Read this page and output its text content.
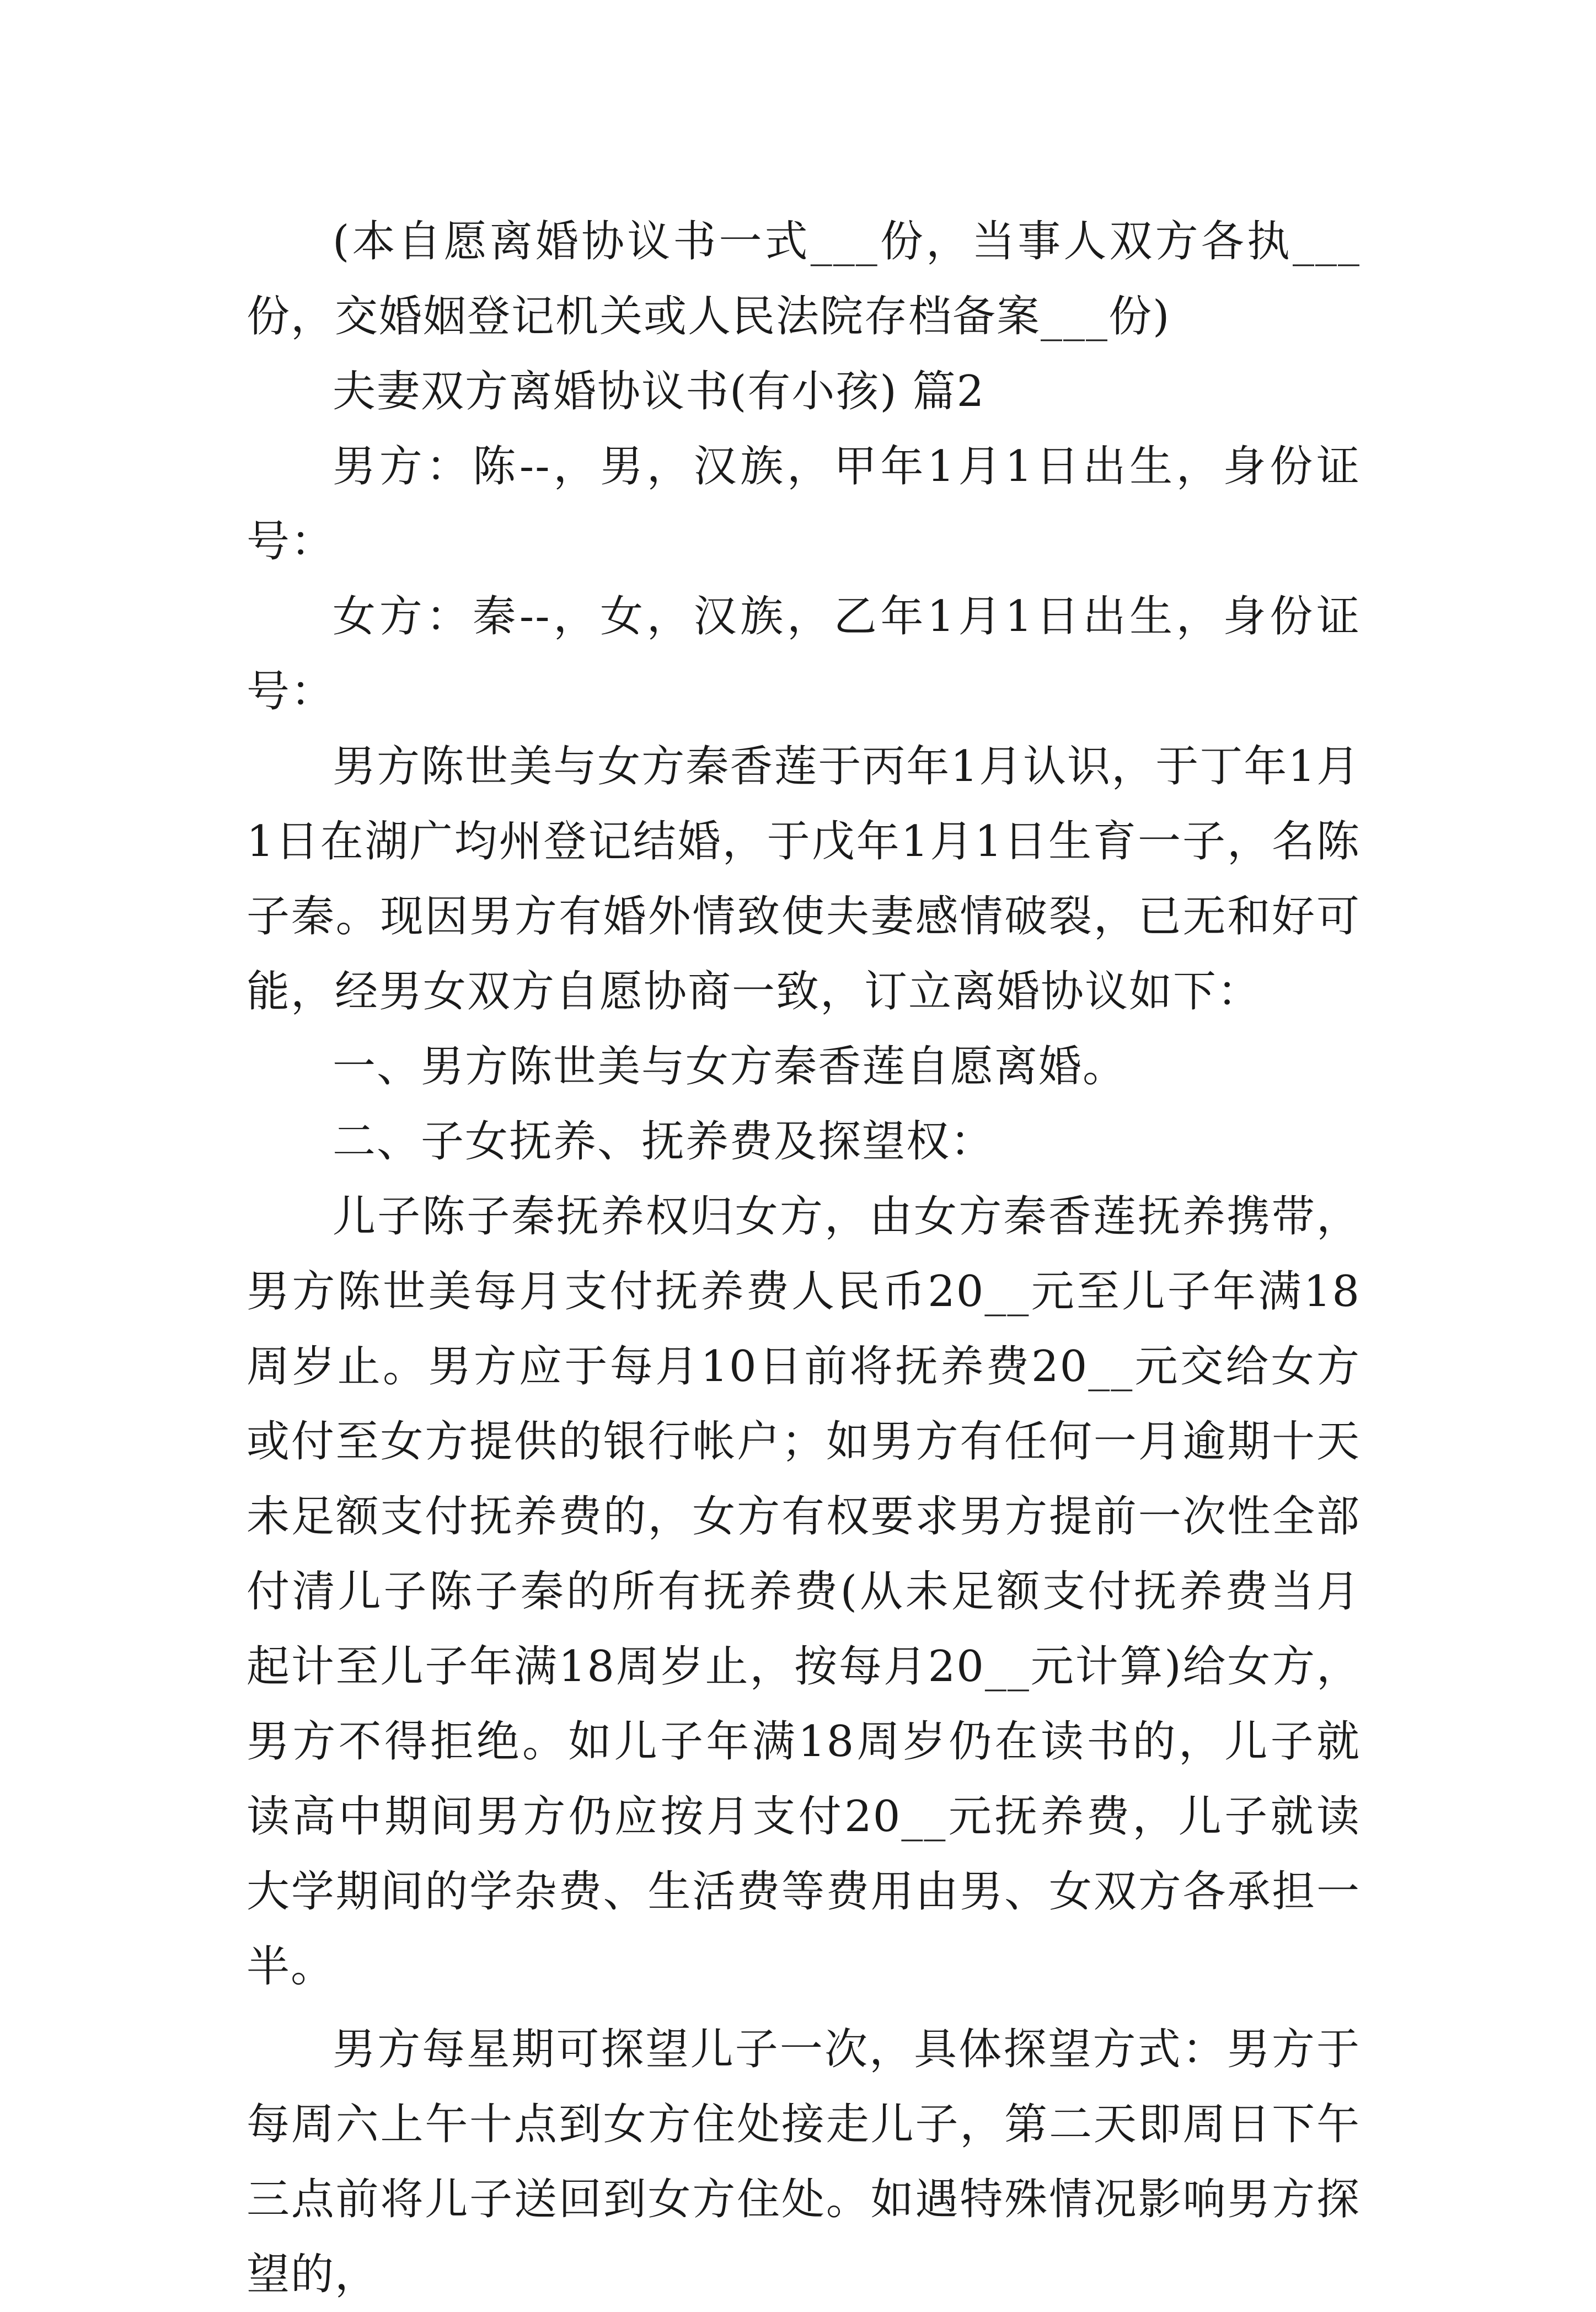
(本自愿离婚协议书一式___份，当事人双方各执___份，交婚姻登记机关或人民法院存档备案___份)

夫妻双方离婚协议书(有小孩) 篇2

男方：陈--，男，汉族，甲年1月1日出生，身份证号：

女方：秦--，女，汉族，乙年1月1日出生，身份证号：

男方陈世美与女方秦香莲于丙年1月认识，于丁年1月1日在湖广均州登记结婚，于戊年1月1日生育一子，名陈子秦。现因男方有婚外情致使夫妻感情破裂，已无和好可能，经男女双方自愿协商一致，订立离婚协议如下：

一、男方陈世美与女方秦香莲自愿离婚。

二、子女抚养、抚养费及探望权：

儿子陈子秦抚养权归女方，由女方秦香莲抚养携带，男方陈世美每月支付抚养费人民币20__元至儿子年满18周岁止。男方应于每月10日前将抚养费20__元交给女方或付至女方提供的银行帐户；如男方有任何一月逾期十天未足额支付抚养费的，女方有权要求男方提前一次性全部付清儿子陈子秦的所有抚养费(从未足额支付抚养费当月起计至儿子年满18周岁止，按每月20__元计算)给女方，男方不得拒绝。如儿子年满18周岁仍在读书的，儿子就读高中期间男方仍应按月支付20__元抚养费，儿子就读大学期间的学杂费、生活费等费用由男、女双方各承担一半。

男方每星期可探望儿子一次，具体探望方式：男方于每周六上午十点到女方住处接走儿子，第二天即周日下午三点前将儿子送回到女方住处。如遇特殊情况影响男方探望的，
